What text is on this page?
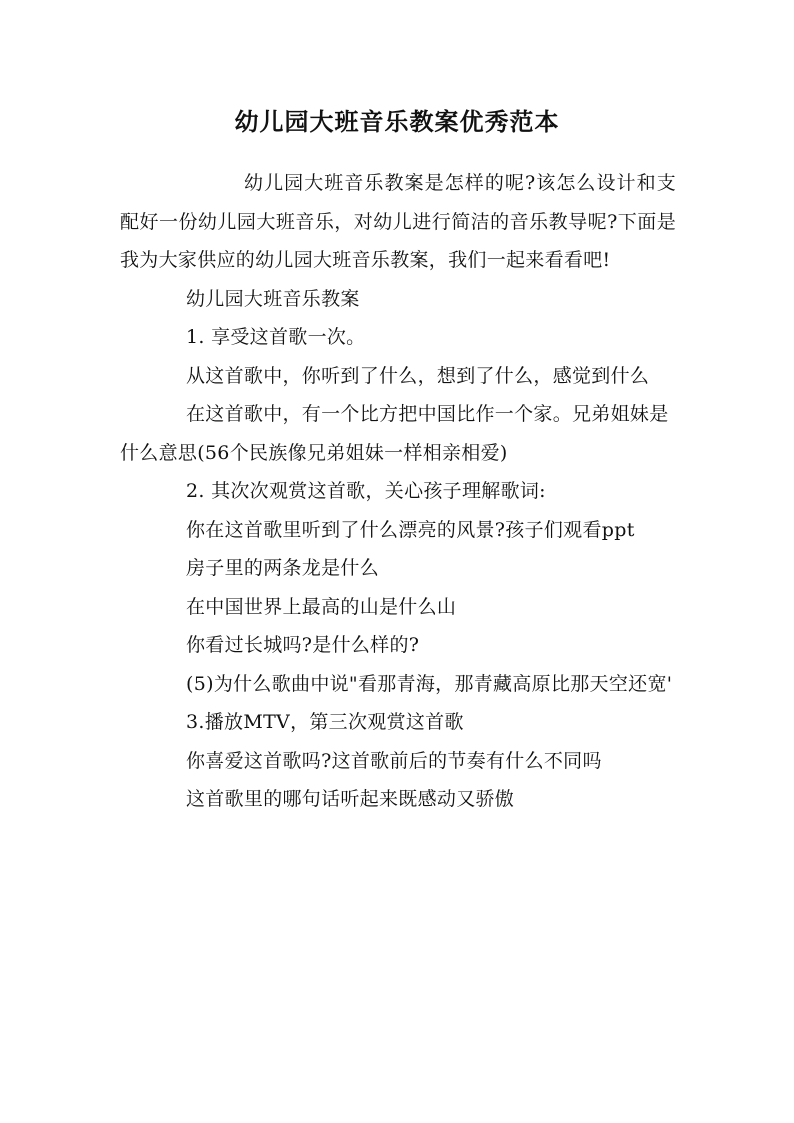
幼儿园大班音乐教案优秀范本

幼儿园大班音乐教案是怎样的呢?该怎么设计和支配好一份幼儿园大班音乐，对幼儿进行简洁的音乐教导呢?下面是我为大家供应的幼儿园大班音乐教案，我们一起来看看吧!

幼儿园大班音乐教案

1. 享受这首歌一次。

从这首歌中，你听到了什么，想到了什么，感觉到什么

在这首歌中，有一个比方把中国比作一个家。兄弟姐妹是什么意思(56个民族像兄弟姐妹一样相亲相爱)

2. 其次次观赏这首歌，关心孩子理解歌词:

你在这首歌里听到了什么漂亮的风景?孩子们观看ppt

房子里的两条龙是什么

在中国世界上最高的山是什么山

你看过长城吗?是什么样的?

(5)为什么歌曲中说"看那青海，那青藏高原比那天空还宽'

3.播放MTV，第三次观赏这首歌

你喜爱这首歌吗?这首歌前后的节奏有什么不同吗

这首歌里的哪句话听起来既感动又骄傲
